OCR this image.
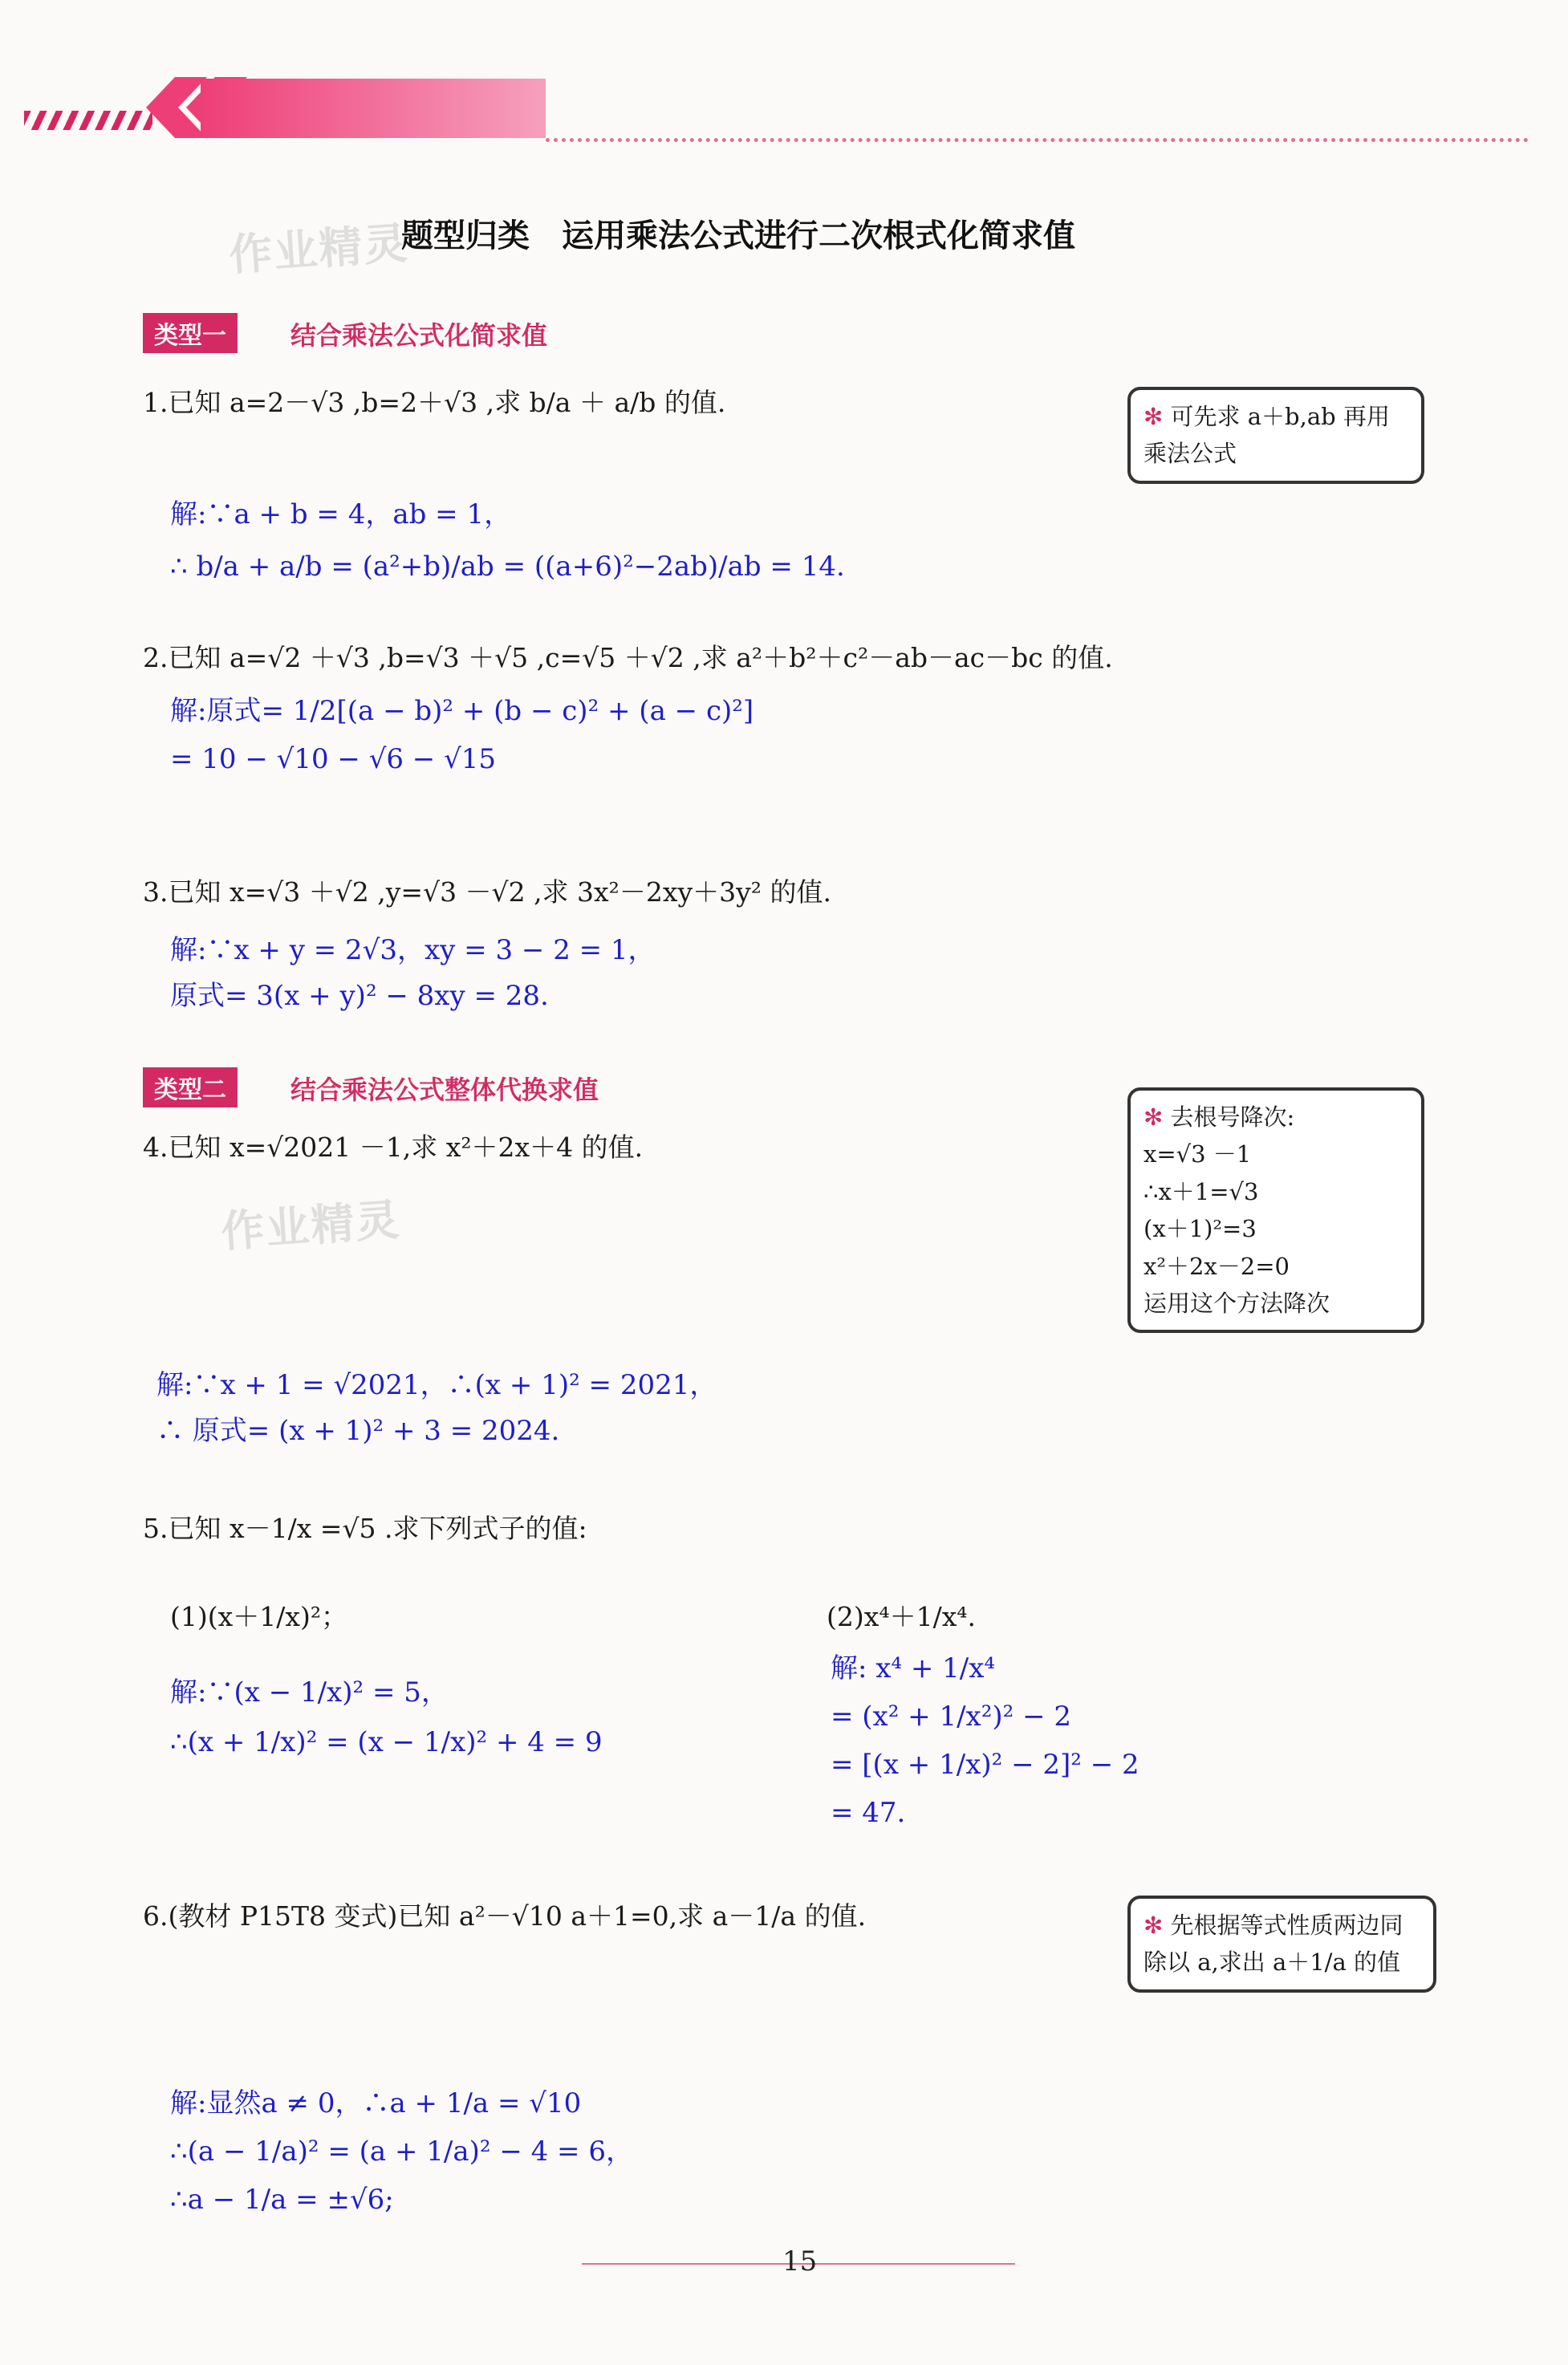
作业精灵
题型归类　运用乘法公式进行二次根式化简求值
类型一	结合乘法公式化简求值
1.已知 a=2－√3 ,b=2＋√3 ,求 b/a ＋ a/b 的值.
解:∵a + b = 4，ab = 1，
∴ b/a + a/b = (a²+b)/ab = ((a+6)²−2ab)/ab = 14.
✻ 可先求 a＋b,ab 再用乘法公式
2.已知 a=√2 ＋√3 ,b=√3 ＋√5 ,c=√5 ＋√2 ,求 a²＋b²＋c²－ab－ac－bc 的值.
解:原式= 1/2[(a − b)² + (b − c)² + (a − c)²]
= 10 − √10 − √6 − √15
3.已知 x=√3 ＋√2 ,y=√3 －√2 ,求 3x²－2xy＋3y² 的值.
解:∵x + y = 2√3，xy = 3 − 2 = 1，
原式= 3(x + y)² − 8xy = 28.
类型二	结合乘法公式整体代换求值
4.已知 x=√2021 －1,求 x²＋2x＋4 的值.
作业精灵
解:∵x + 1 = √2021，∴(x + 1)² = 2021，
∴ 原式= (x + 1)² + 3 = 2024.
✻ 去根号降次:
x=√3 －1
∴x＋1=√3
(x＋1)²=3
x²＋2x－2=0
运用这个方法降次
5.已知 x－1/x =√5 .求下列式子的值:
(1)(x＋1/x)²；	(2)x⁴＋1/x⁴.
解:∵(x − 1/x)² = 5，
∴(x + 1/x)² = (x − 1/x)² + 4 = 9
解: x⁴ + 1/x⁴
= (x² + 1/x²)² − 2
= [(x + 1/x)² − 2]² − 2
= 47.
6.(教材 P15T8 变式)已知 a²－√10 a＋1=0,求 a－1/a 的值.
解:显然a ≠ 0，∴a + 1/a = √10
∴(a − 1/a)² = (a + 1/a)² − 4 = 6，
∴a − 1/a = ±√6;
✻ 先根据等式性质两边同除以 a,求出 a＋1/a 的值
15
